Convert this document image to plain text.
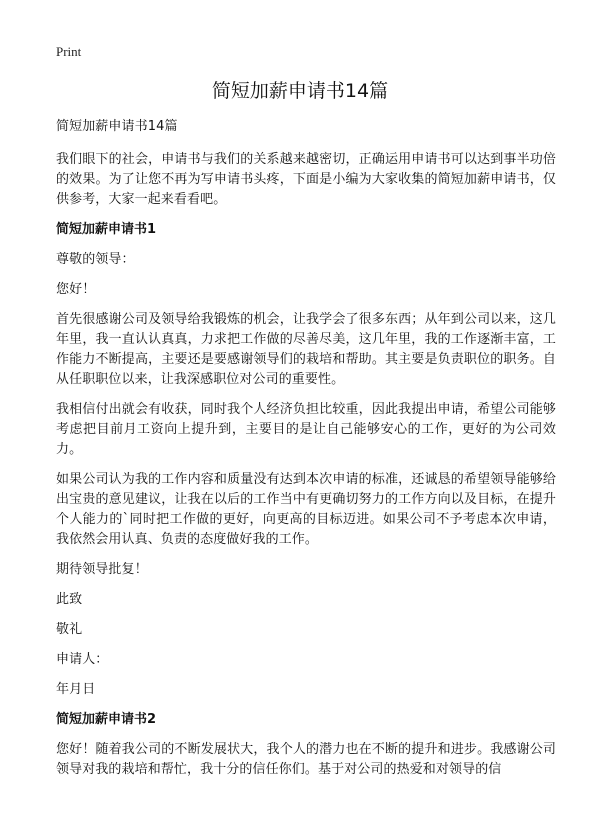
Print
简短加薪申请书14篇
简短加薪申请书14篇
我们眼下的社会，申请书与我们的关系越来越密切，正确运用申请书可以达到事半功倍的效果。为了让您不再为写申请书头疼，下面是小编为大家收集的简短加薪申请书，仅供参考，大家一起来看看吧。
简短加薪申请书1
尊敬的领导：
您好！
首先很感谢公司及领导给我锻炼的机会，让我学会了很多东西；从年到公司以来，这几年里，我一直认认真真，力求把工作做的尽善尽美，这几年里，我的工作逐渐丰富，工作能力不断提高，主要还是要感谢领导们的栽培和帮助。其主要是负责职位的职务。自从任职职位以来，让我深感职位对公司的重要性。
我相信付出就会有收获，同时我个人经济负担比较重，因此我提出申请，希望公司能够考虑把目前月工资向上提升到，主要目的是让自己能够安心的工作，更好的为公司效力。
如果公司认为我的工作内容和质量没有达到本次申请的标准，还诚恳的希望领导能够给出宝贵的意见建议，让我在以后的工作当中有更确切努力的工作方向以及目标，在提升个人能力的`同时把工作做的更好，向更高的目标迈进。如果公司不予考虑本次申请，我依然会用认真、负责的态度做好我的工作。
期待领导批复！
此致
敬礼
申请人：
年月日
简短加薪申请书2
您好！随着我公司的不断发展状大，我个人的潜力也在不断的提升和进步。我感谢公司领导对我的栽培和帮忙，我十分的信任你们。基于对公司的热爱和对领导的信
